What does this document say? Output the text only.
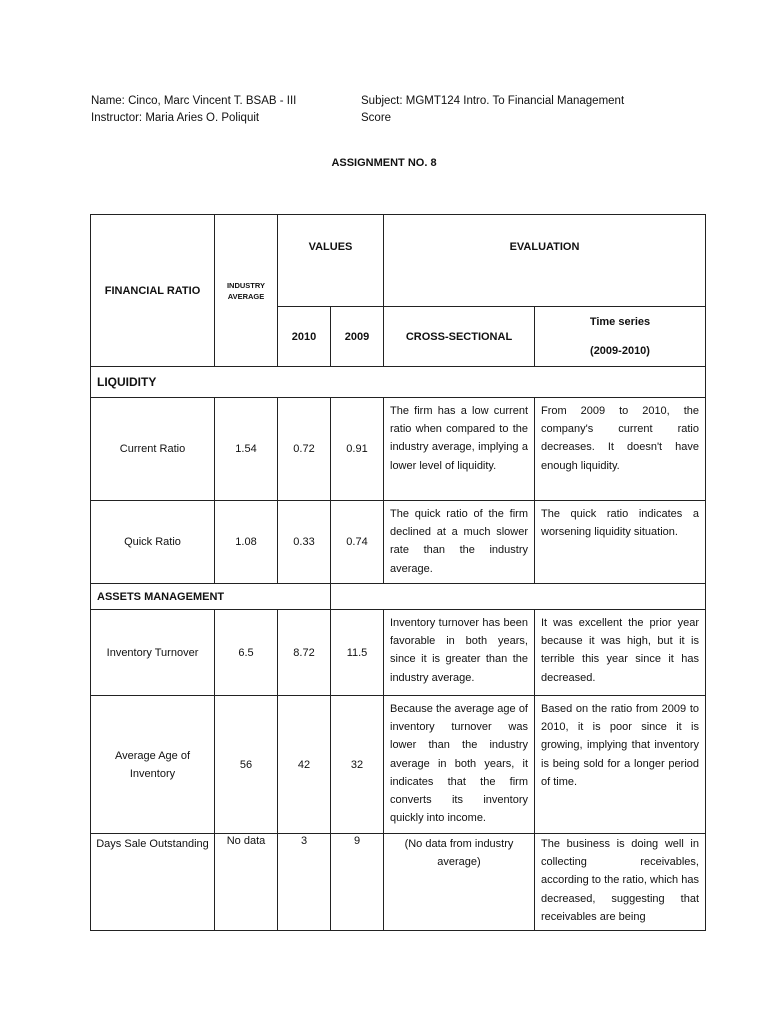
Name: Cinco, Marc Vincent T. BSAB - III
Instructor: Maria Aries O. Poliquit
Subject: MGMT124 Intro. To Financial Management
Score
ASSIGNMENT NO. 8
FINANCIAL RATIO	INDUSTRY AVERAGE	VALUES		EVALUATION	
		2010	2009	CROSS-SECTIONAL	Time series
(2009-2010)

LIQUIDITY					
Current Ratio	1.54	0.72	0.91	The firm has a low current ratio when compared to the industry average, implying a lower level of liquidity.	From 2009 to 2010, the company's current ratio decreases. It doesn't have enough liquidity.
Quick Ratio	1.08	0.33	0.74	The quick ratio of the firm declined at a much slower rate than the industry average.	The quick ratio indicates a worsening liquidity situation.
ASSETS MANAGEMENT					
Inventory Turnover	6.5	8.72	11.5	Inventory turnover has been favorable in both years, since it is greater than the industry average.	It was excellent the prior year because it was high, but it is terrible this year since it has decreased.
Average Age of Inventory	56	42	32	Because the average age of inventory turnover was lower than the industry average in both years, it indicates that the firm converts its inventory quickly into income.	Based on the ratio from 2009 to 2010, it is poor since it is growing, implying that inventory is being sold for a longer period of time.
Days Sale Outstanding	No data	3	9	(No data from industry average)	The business is doing well in collecting receivables, according to the ratio, which has decreased, suggesting that receivables are being
